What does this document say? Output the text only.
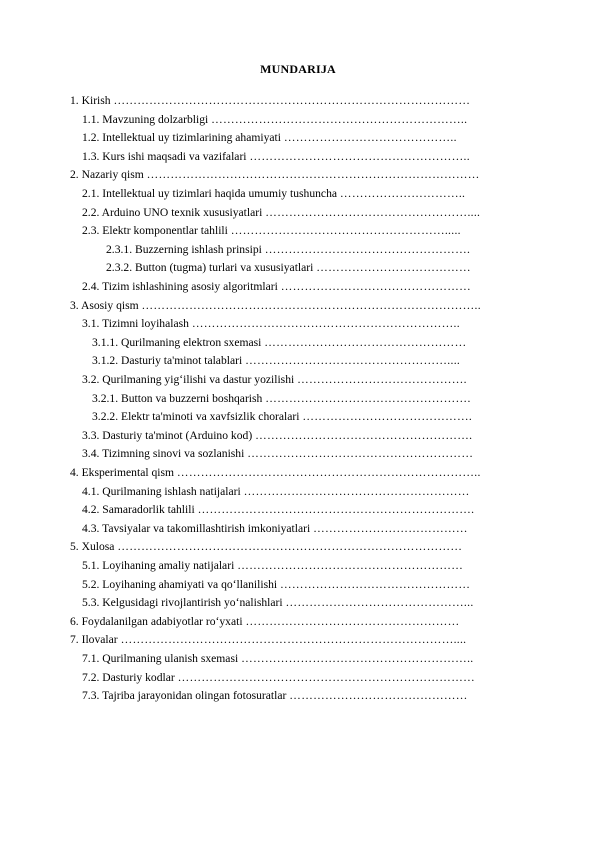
MUNDARIJA
1. Kirish ………………………………………………………………………………
1.1. Mavzuning dolzarbligi ………………………………………………………..
1.2. Intellektual uy tizimlarining ahamiyati ……………………………………..
1.3. Kurs ishi maqsadi va vazifalari ………………………………………………..
2. Nazariy qism …………………………………………………………………………
2.1. Intellektual uy tizimlari haqida umumiy tushuncha …………………………..
2.2. Arduino UNO texnik xususiyatlari ……………………………………………....
2.3. Elektr komponentlar tahlili ……………………………………………….....
2.3.1. Buzzerning ishlash prinsipi …………………………………………….
2.3.2. Button (tugma) turlari va xususiyatlari …………………………………
2.4. Tizim ishlashining asosiy algoritmlari …………………………………………
3. Asosiy qism …………………………………………………………………………..
3.1. Tizimni loyihalash …………………………………………………………..
3.1.1. Qurilmaning elektron sxemasi ……………………………………………
3.1.2. Dasturiy ta'minot talablari ……………………………………………....
3.2. Qurilmaning yig‘ilishi va dastur yozilishi …………………………………….
3.2.1. Button va buzzerni boshqarish …………………………………………….
3.2.2. Elektr ta'minoti va xavfsizlik choralari …………………………………….
3.3. Dasturiy ta'minot (Arduino kod) ……………………………………………….
3.4. Tizimning sinovi va sozlanishi …………………………………………………
4. Eksperimental qism …………………………………………………………………..
4.1. Qurilmaning ishlash natijalari …………………………………………………
4.2. Samaradorlik tahlili …………………………………………………………….
4.3. Tavsiyalar va takomillashtirish imkoniyatlari …………………………………
5. Xulosa ……………………………………………………………………………
5.1. Loyihaning amaliy natijalari …………………………………………………
5.2. Loyihaning ahamiyati va qo‘llanilishi …………………………………………
5.3. Kelgusidagi rivojlantirish yo‘nalishlari ………………………………………...
6. Foydalanilgan adabiyotlar ro‘yxati ………………………………………………
7. Ilovalar …………………………………………………………………………....
7.1. Qurilmaning ulanish sxemasi …………………………………………………..
7.2. Dasturiy kodlar …………………………………………………………………
7.3. Tajriba jarayonidan olingan fotosuratlar ………………………………………
